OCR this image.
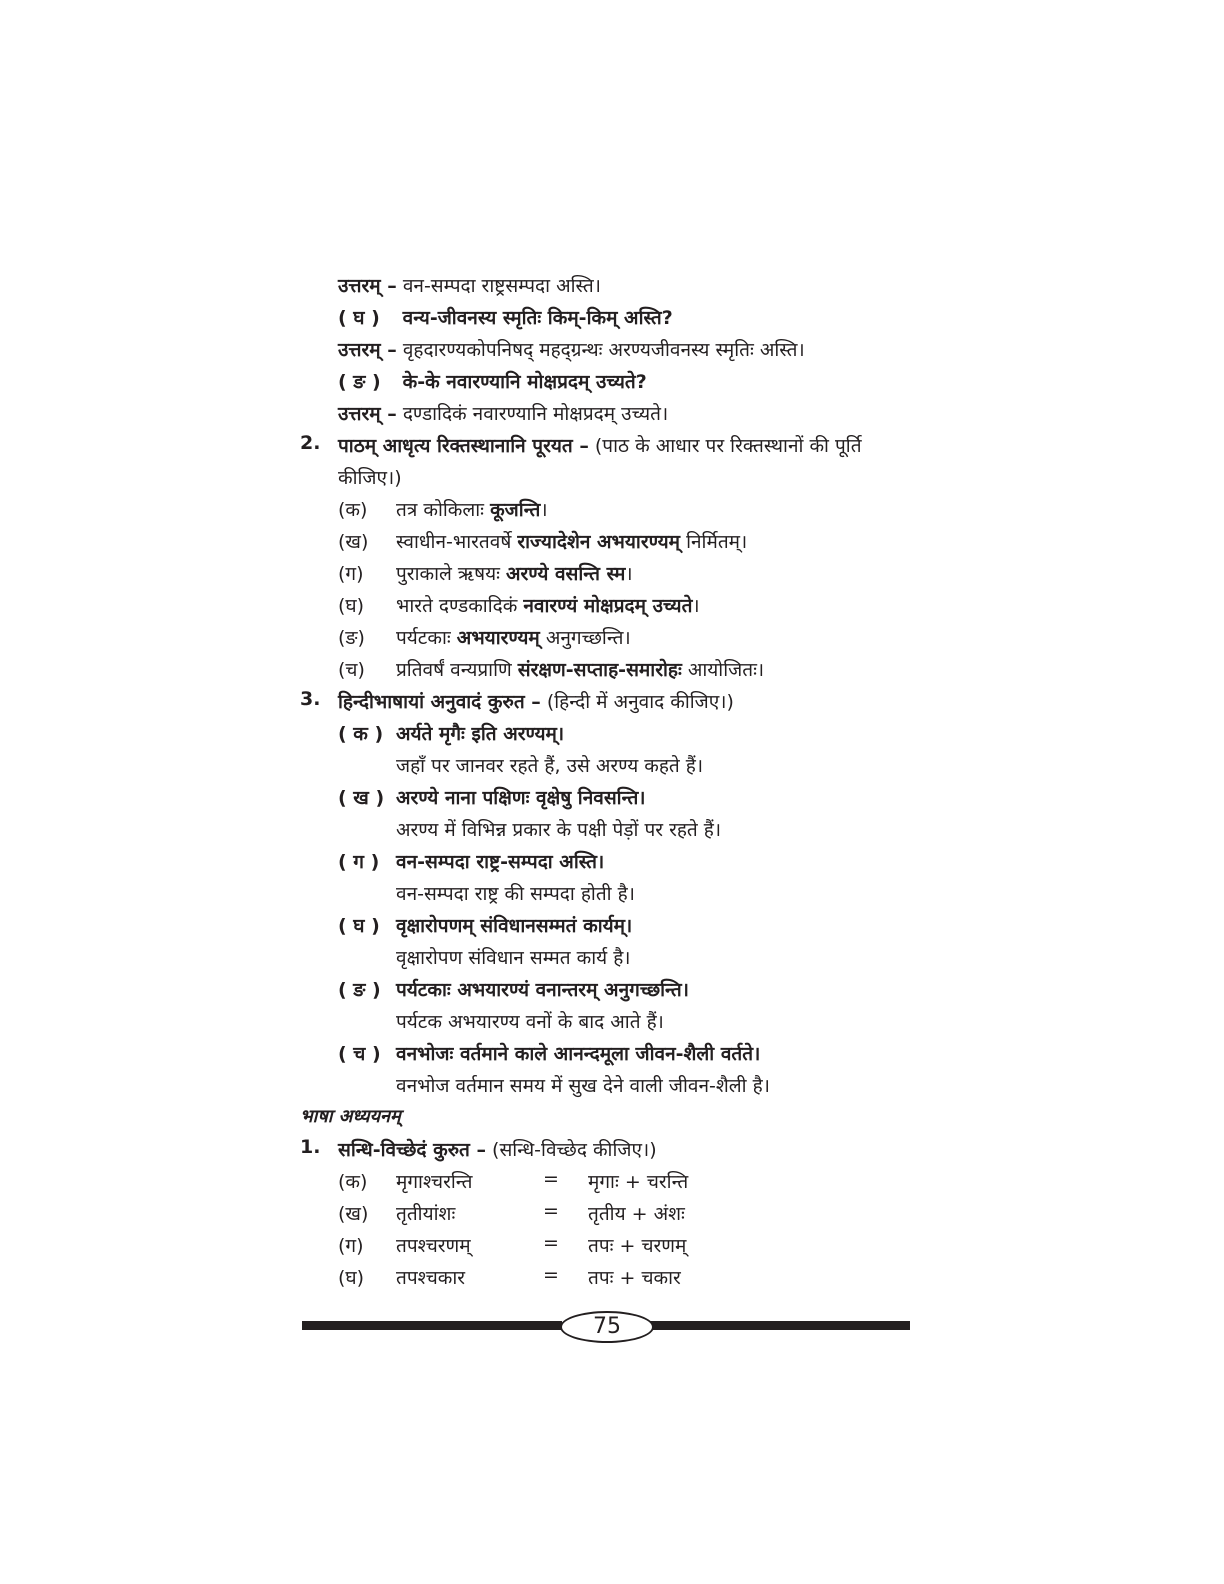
उत्तरम् – वन-सम्पदा राष्ट्रसम्पदा अस्ति।
( घ ) वन्य-जीवनस्य स्मृतिः किम्-किम् अस्ति?
उत्तरम् – वृहदारण्यकोपनिषद् महद्ग्रन्थः अरण्यजीवनस्य स्मृतिः अस्ति।
( ङ ) के-के नवारण्यानि मोक्षप्रदम् उच्यते?
उत्तरम् – दण्डादिकं नवारण्यानि मोक्षप्रदम् उच्यते।
2. पाठम् आधृत्य रिक्तस्थानानि पूरयत – (पाठ के आधार पर रिक्तस्थानों की पूर्ति
कीजिए।)
(क) तत्र कोकिलाः कूजन्ति।
(ख) स्वाधीन-भारतवर्षे राज्यादेशेन अभयारण्यम् निर्मितम्।
(ग) पुराकाले ऋषयः अरण्ये वसन्ति स्म।
(घ) भारते दण्डकादिकं नवारण्यं मोक्षप्रदम् उच्यते।
(ङ) पर्यटकाः अभयारण्यम् अनुगच्छन्ति।
(च) प्रतिवर्षं वन्यप्राणि संरक्षण-सप्ताह-समारोहः आयोजितः।
3. हिन्दीभाषायां अनुवादं कुरुत – (हिन्दी में अनुवाद कीजिए।)
( क ) अर्यते मृगैः इति अरण्यम्।
जहाँ पर जानवर रहते हैं, उसे अरण्य कहते हैं।
( ख ) अरण्ये नाना पक्षिणः वृक्षेषु निवसन्ति।
अरण्य में विभिन्न प्रकार के पक्षी पेड़ों पर रहते हैं।
( ग ) वन-सम्पदा राष्ट्र-सम्पदा अस्ति।
वन-सम्पदा राष्ट्र की सम्पदा होती है।
( घ ) वृक्षारोपणम् संविधानसम्मतं कार्यम्।
वृक्षारोपण संविधान सम्मत कार्य है।
( ङ ) पर्यटकाः अभयारण्यं वनान्तरम् अनुगच्छन्ति।
पर्यटक अभयारण्य वनों के बाद आते हैं।
( च ) वनभोजः वर्तमाने काले आनन्दमूला जीवन-शैली वर्तते।
वनभोज वर्तमान समय में सुख देने वाली जीवन-शैली है।
भाषा अध्ययनम्
1. सन्धि-विच्छेदं कुरुत – (सन्धि-विच्छेद कीजिए।)
(क) मृगाश्चरन्ति	= मृगाः + चरन्ति
(ख) तृतीयांशः	= तृतीय + अंशः
(ग) तपश्चरणम्	= तपः + चरणम्
(घ) तपश्चकार	= तपः + चकार
75
